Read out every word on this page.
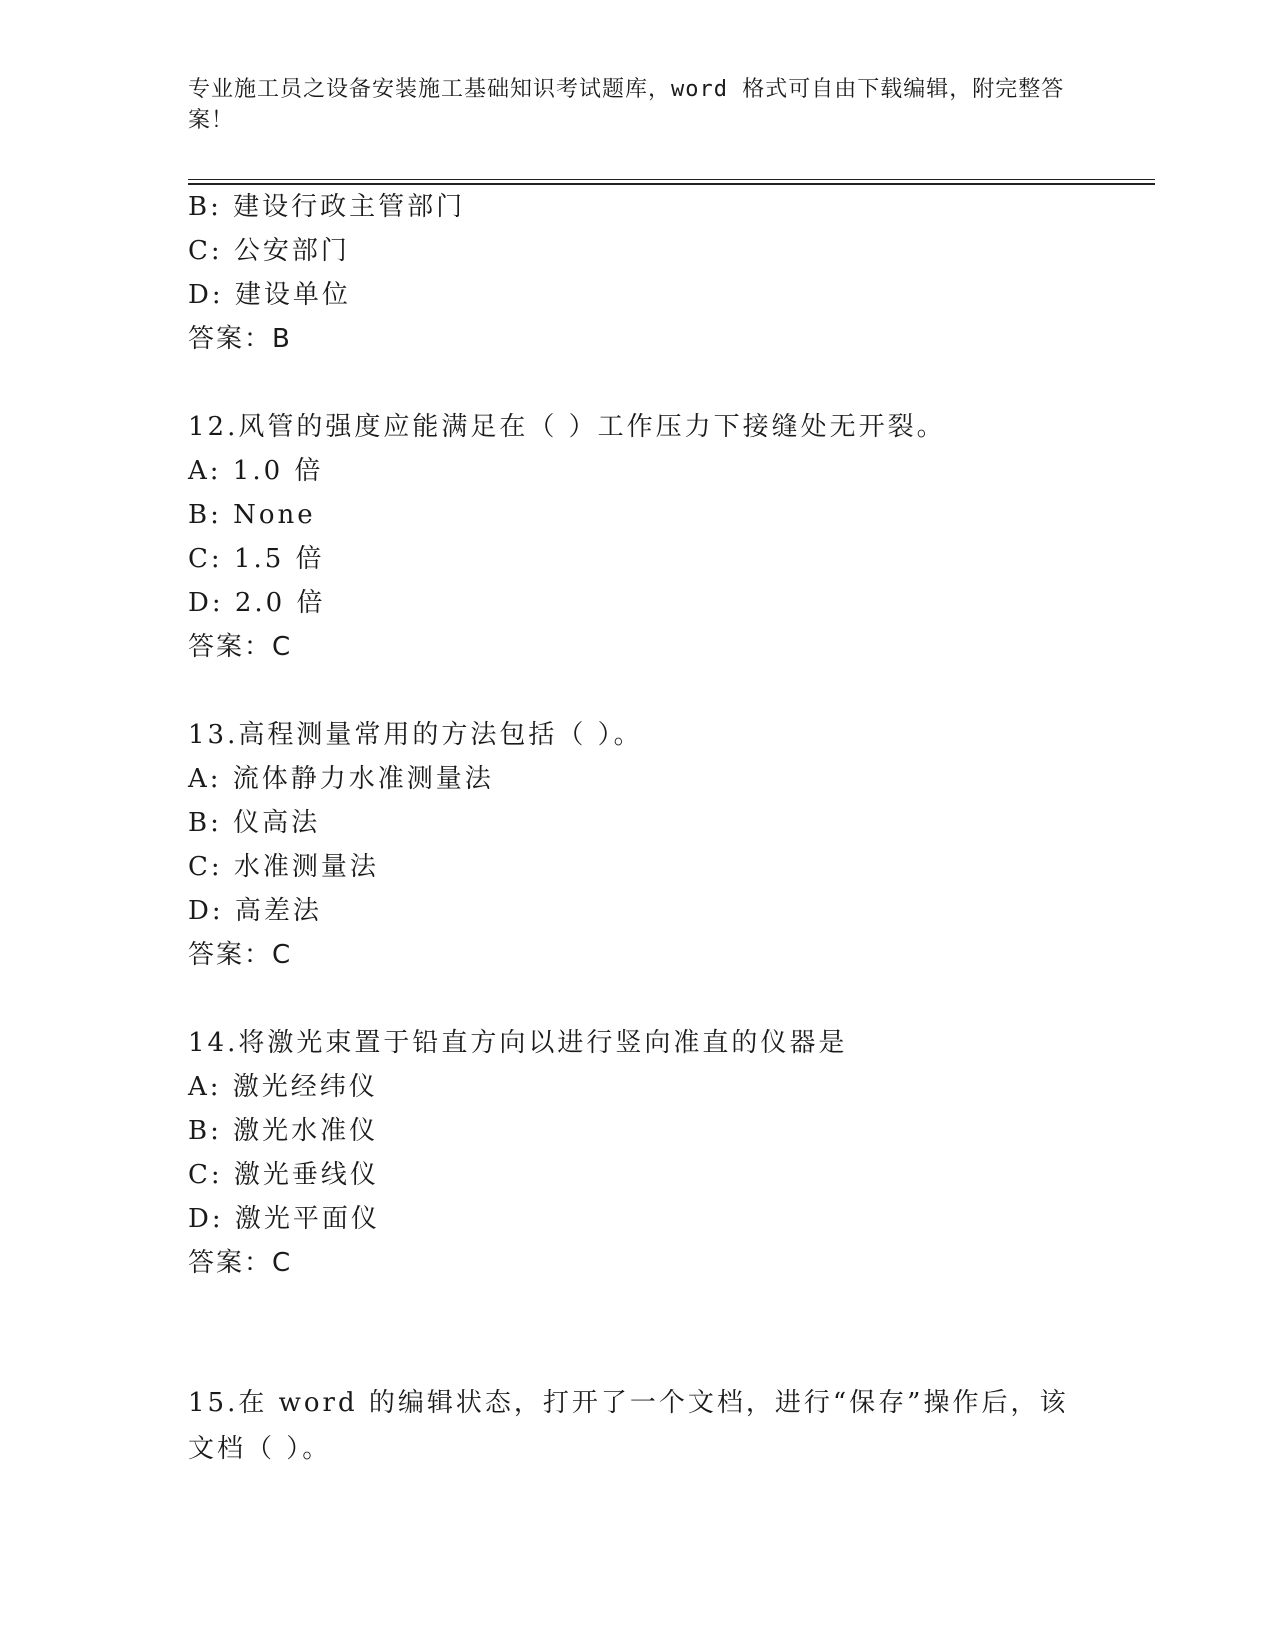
专业施工员之设备安装施工基础知识考试题库，word 格式可自由下载编辑，附完整答案！
B: 建设行政主管部门
C: 公安部门
D: 建设单位
答案：B
12.风管的强度应能满足在（ ）工作压力下接缝处无开裂。
A: 1.0 倍
B: None
C: 1.5 倍
D: 2.0 倍
答案：C
13.高程测量常用的方法包括（ ）。
A: 流体静力水准测量法
B: 仪高法
C: 水准测量法
D: 高差法
答案：C
14.将激光束置于铅直方向以进行竖向准直的仪器是
A: 激光经纬仪
B: 激光水准仪
C: 激光垂线仪
D: 激光平面仪
答案：C
15.在 word 的编辑状态，打开了一个文档，进行“保存”操作后，该文档（ ）。
